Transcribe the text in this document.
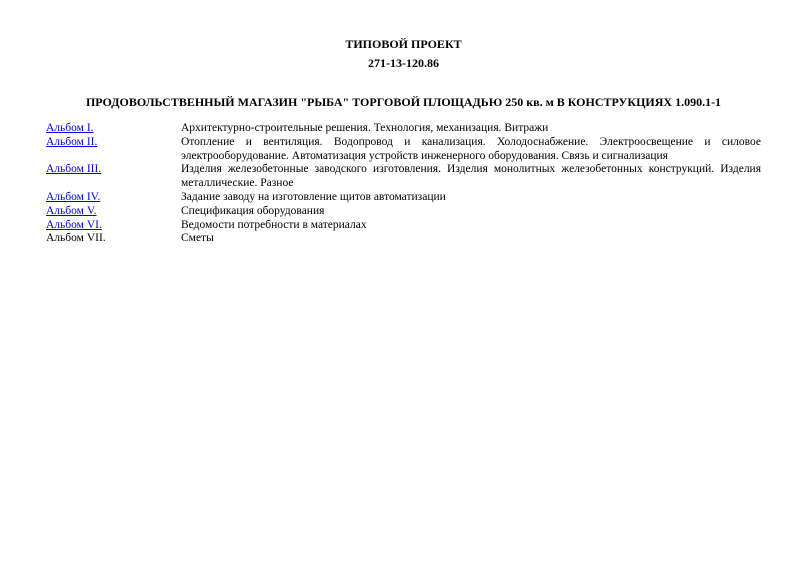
ТИПОВОЙ ПРОЕКТ
271-13-120.86
ПРОДОВОЛЬСТВЕННЫЙ МАГАЗИН "РЫБА" ТОРГОВОЙ ПЛОЩАДЬЮ 250 кв. м В КОНСТРУКЦИЯХ 1.090.1-1
Альбом I.	Архитектурно-строительные решения. Технология, механизация. Витражи
Альбом II.	Отопление и вентиляция. Водопровод и канализация. Холодоснабжение. Электроосвещение и силовое электрооборудование. Автоматизация устройств инженерного оборудования. Связь и сигнализация
Альбом III.	Изделия железобетонные заводского изготовления. Изделия монолитных железобетонных конструкций. Изделия металлические. Разное
Альбом IV.	Задание заводу на изготовление щитов автоматизации
Альбом V.	Спецификация оборудования
Альбом VI.	Ведомости потребности в материалах
Альбом VII.	Сметы
